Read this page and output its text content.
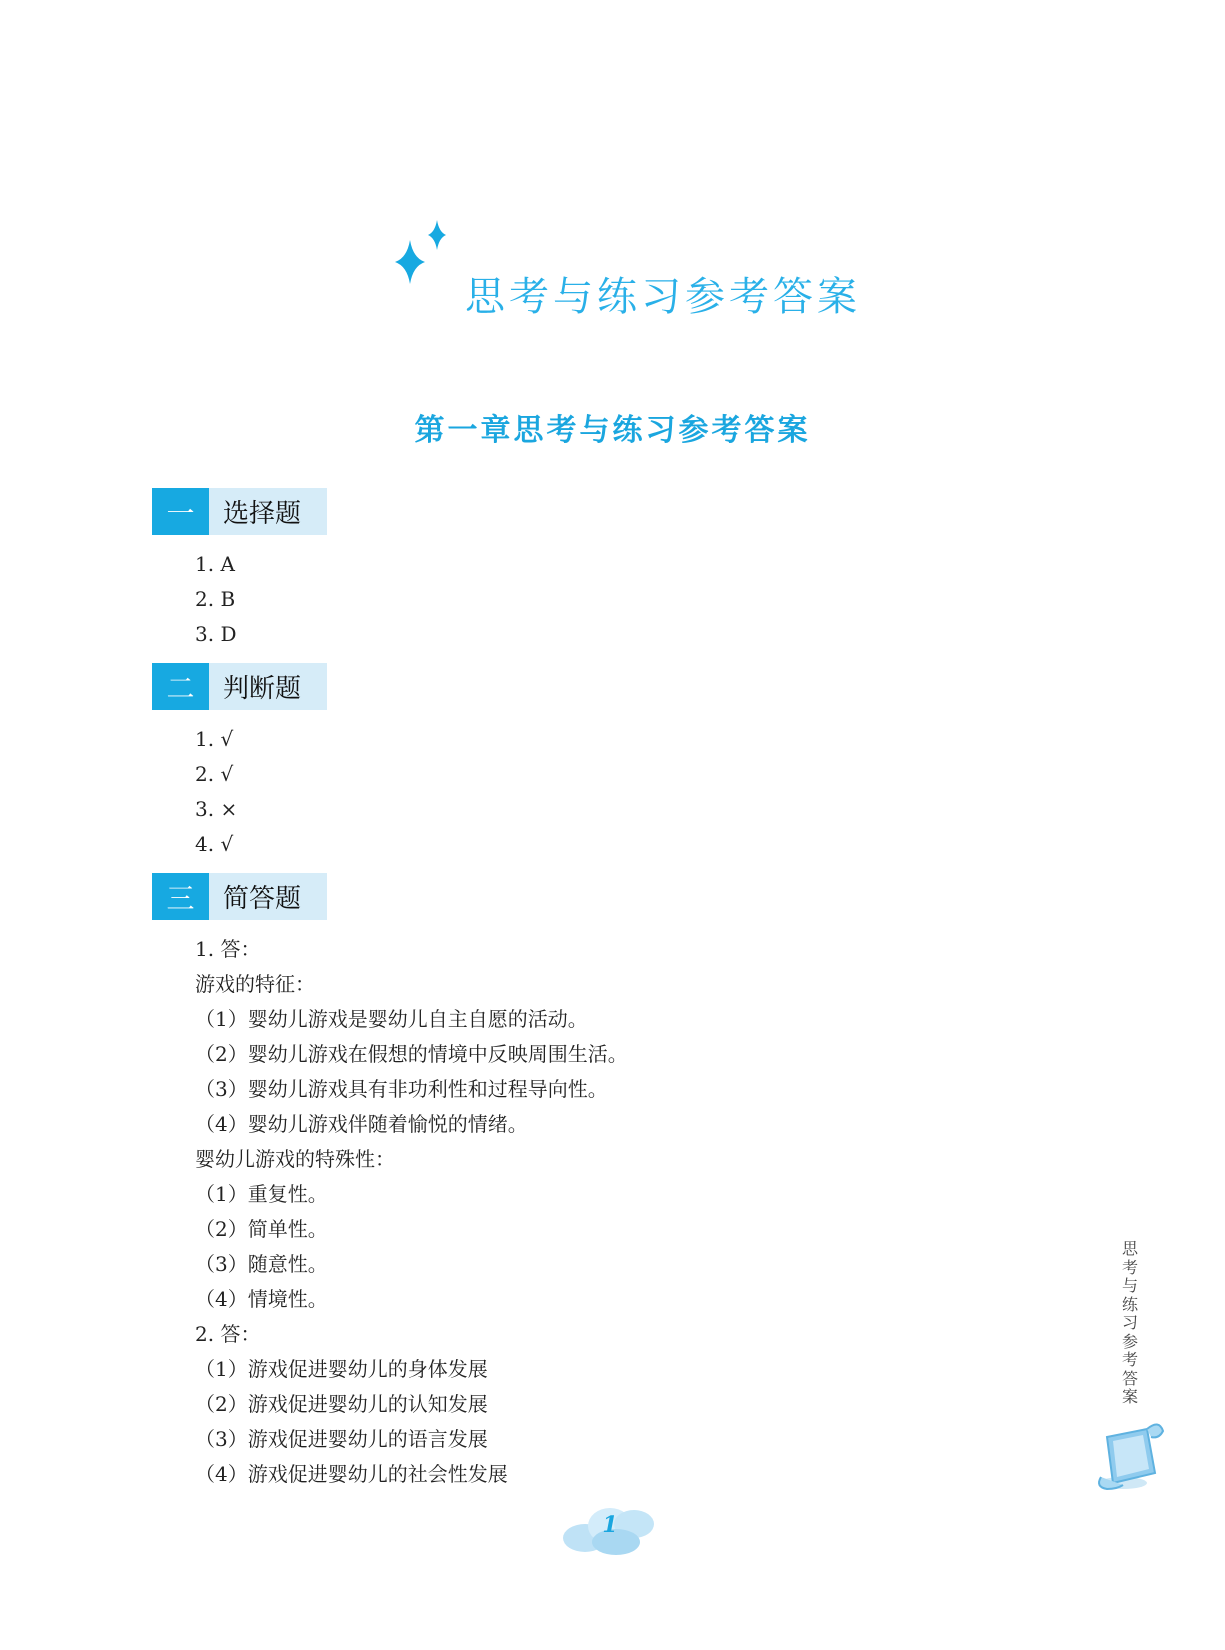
思考与练习参考答案
第一章思考与练习参考答案
一	选择题
1. A
2. B
3. D
二	判断题
1. √
2. √
3. ×
4. √
三	简答题
1. 答：
游戏的特征：
（1）婴幼儿游戏是婴幼儿自主自愿的活动。
（2）婴幼儿游戏在假想的情境中反映周围生活。
（3）婴幼儿游戏具有非功利性和过程导向性。
（4）婴幼儿游戏伴随着愉悦的情绪。
婴幼儿游戏的特殊性：
（1）重复性。
（2）简单性。
（3）随意性。
（4）情境性。
2. 答：
（1）游戏促进婴幼儿的身体发展
（2）游戏促进婴幼儿的认知发展
（3）游戏促进婴幼儿的语言发展
（4）游戏促进婴幼儿的社会性发展
思
考
与
练
习
参
考
答
案
1
